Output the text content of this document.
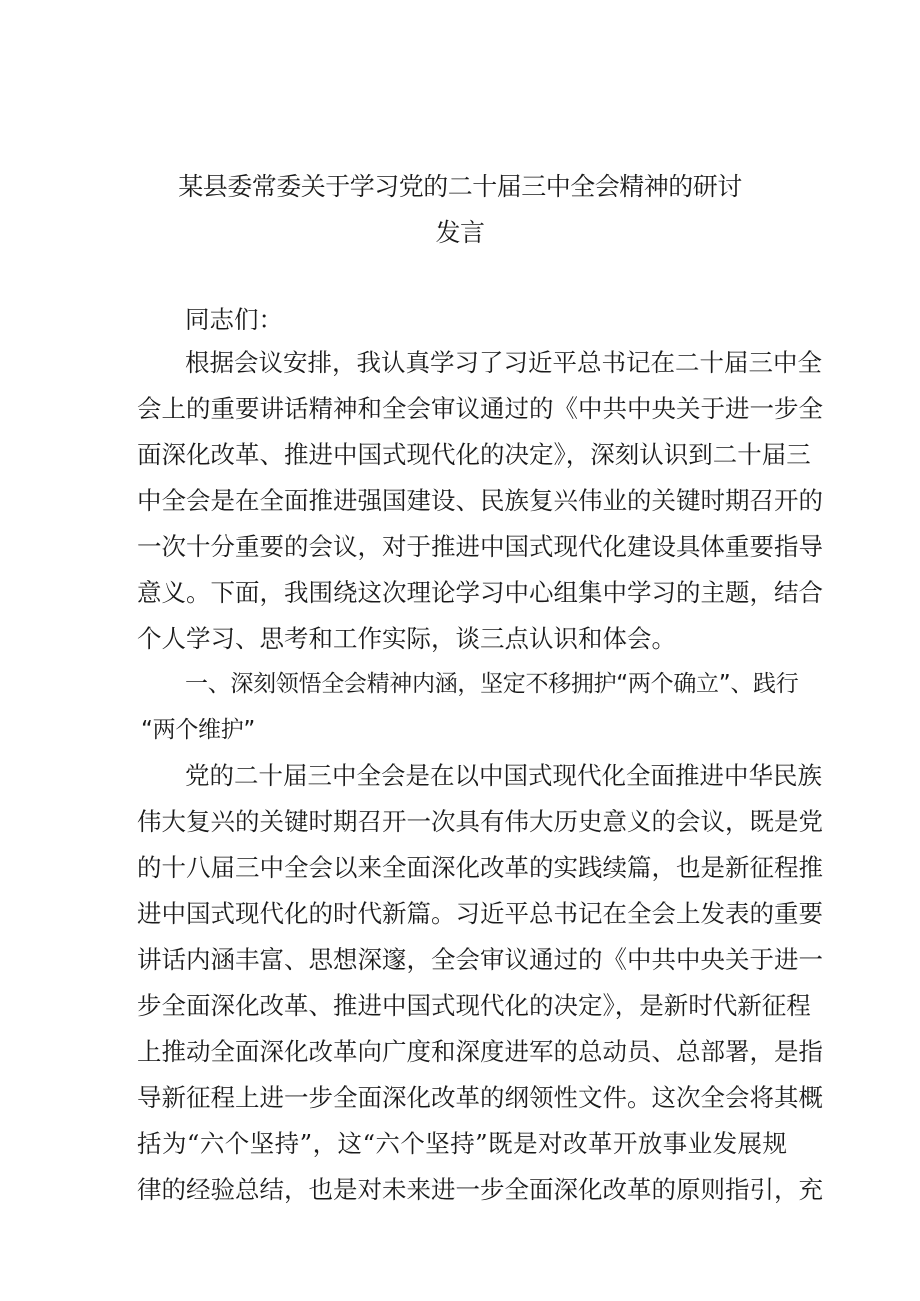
某县委常委关于学习党的二十届三中全会精神的研讨
发言
同志们：
根据会议安排，我认真学习了习近平总书记在二十届三中全
会上的重要讲话精神和全会审议通过的《中共中央关于进一步全
面深化改革、推进中国式现代化的决定》，深刻认识到二十届三
中全会是在全面推进强国建设、民族复兴伟业的关键时期召开的
一次十分重要的会议，对于推进中国式现代化建设具体重要指导
意义。下面，我围绕这次理论学习中心组集中学习的主题，结合
个人学习、思考和工作实际，谈三点认识和体会。
一、深刻领悟全会精神内涵，坚定不移拥护“两个确立”、践行
“两个维护”
党的二十届三中全会是在以中国式现代化全面推进中华民族
伟大复兴的关键时期召开一次具有伟大历史意义的会议，既是党
的十八届三中全会以来全面深化改革的实践续篇，也是新征程推
进中国式现代化的时代新篇。习近平总书记在全会上发表的重要
讲话内涵丰富、思想深邃，全会审议通过的《中共中央关于进一
步全面深化改革、推进中国式现代化的决定》，是新时代新征程
上推动全面深化改革向广度和深度进军的总动员、总部署，是指
导新征程上进一步全面深化改革的纲领性文件。这次全会将其概
括为“六个坚持”，这“六个坚持”既是对改革开放事业发展规
律的经验总结，也是对未来进一步全面深化改革的原则指引，充
